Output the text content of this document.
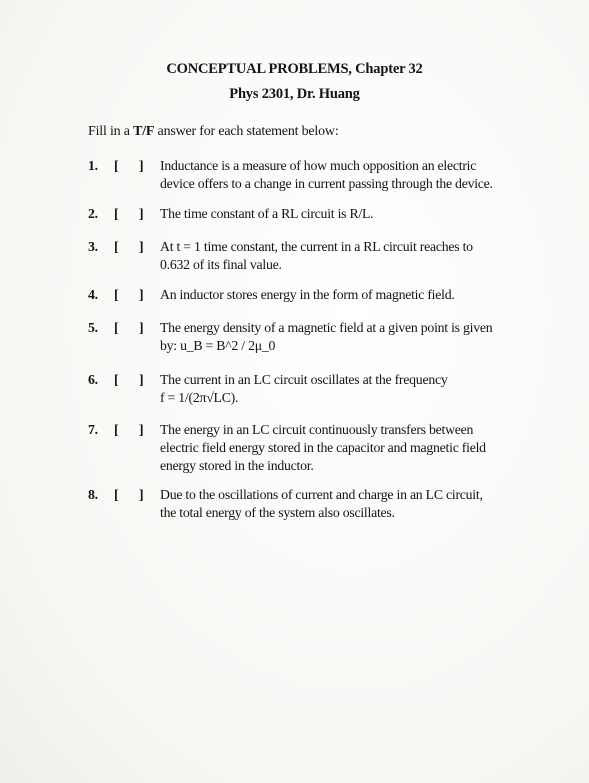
CONCEPTUAL PROBLEMS, Chapter 32
Phys 2301, Dr. Huang
Fill in a T/F answer for each statement below:
1. [ ] Inductance is a measure of how much opposition an electric
device offers to a change in current passing through the device.
2. [ ] The time constant of a RL circuit is R/L.
3. [ ] At t = 1 time constant, the current in a RL circuit reaches to
0.632 of its final value.
4. [ ] An inductor stores energy in the form of magnetic field.
5. [ ] The energy density of a magnetic field at a given point is given
by: u_B = B^2 / 2μ_0
6. [ ] The current in an LC circuit oscillates at the frequency
f = 1/(2π√LC).
7. [ ] The energy in an LC circuit continuously transfers between
electric field energy stored in the capacitor and magnetic field
energy stored in the inductor.
8. [ ] Due to the oscillations of current and charge in an LC circuit,
the total energy of the system also oscillates.
